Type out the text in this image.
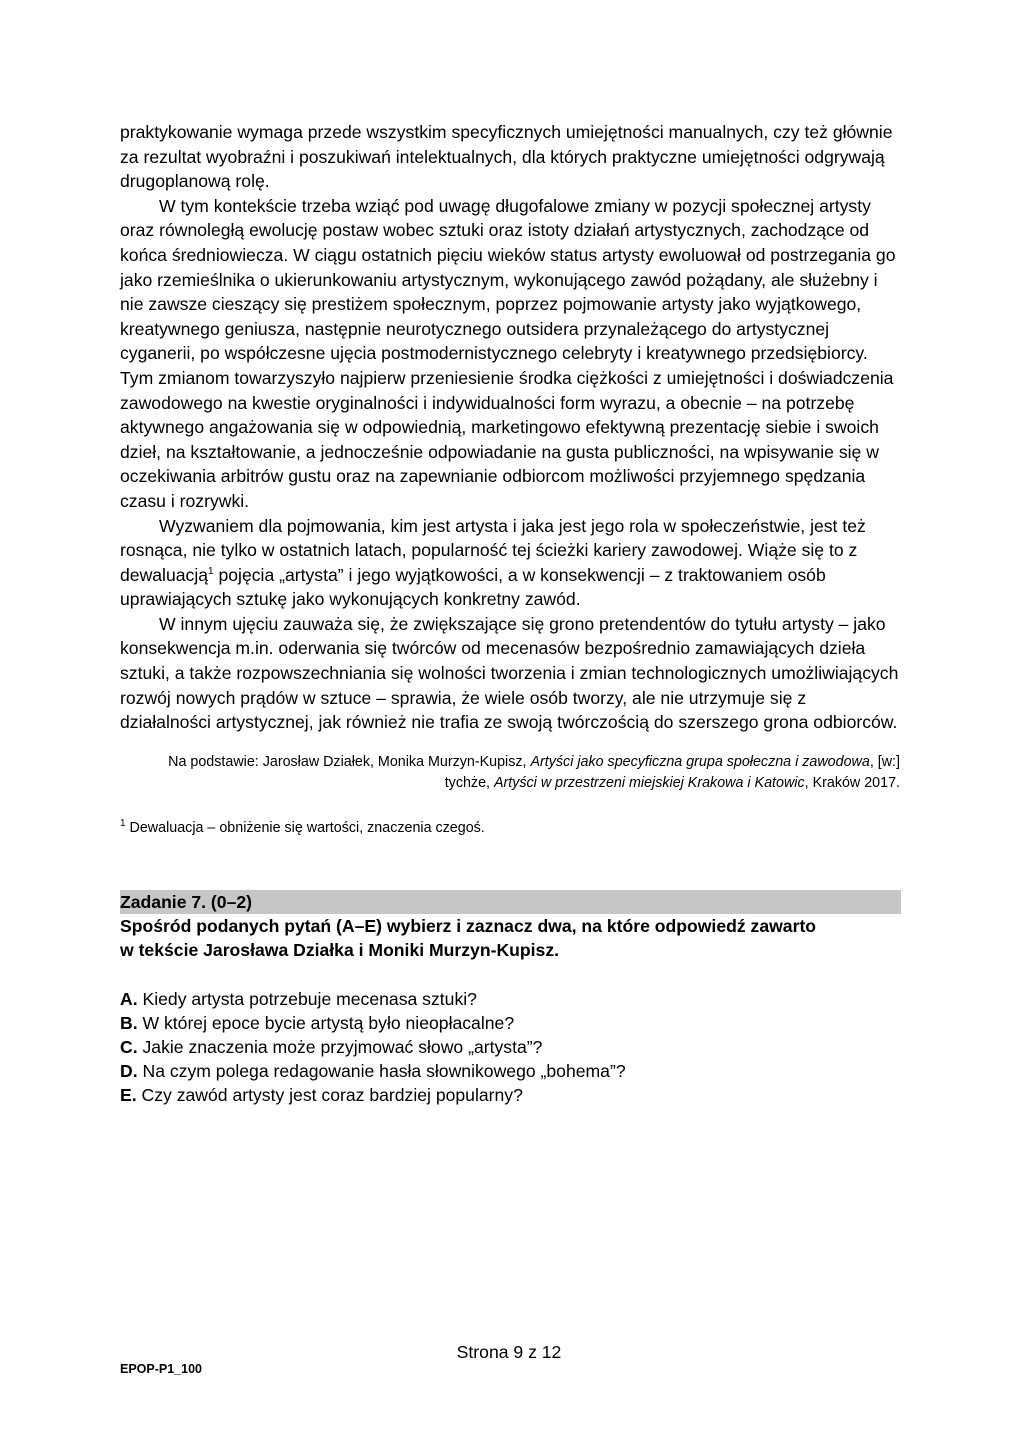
praktykowanie wymaga przede wszystkim specyficznych umiejętności manualnych, czy też głównie za rezultat wyobraźni i poszukiwań intelektualnych, dla których praktyczne umiejętności odgrywają drugoplanową rolę.

W tym kontekście trzeba wziąć pod uwagę długofalowe zmiany w pozycji społecznej artysty oraz równoległą ewolucję postaw wobec sztuki oraz istoty działań artystycznych, zachodzące od końca średniowiecza. W ciągu ostatnich pięciu wieków status artysty ewoluował od postrzegania go jako rzemieślnika o ukierunkowaniu artystycznym, wykonującego zawód pożądany, ale służebny i nie zawsze cieszący się prestiżem społecznym, poprzez pojmowanie artysty jako wyjątkowego, kreatywnego geniusza, następnie neurotycznego outsidera przynależącego do artystycznej cyganerii, po współczesne ujęcia postmodernistycznego celebryty i kreatywnego przedsiębiorcy. Tym zmianom towarzyszyło najpierw przeniesienie środka ciężkości z umiejętności i doświadczenia zawodowego na kwestie oryginalności i indywidualności form wyrazu, a obecnie – na potrzebę aktywnego angażowania się w odpowiednią, marketingowo efektywną prezentację siebie i swoich dzieł, na kształtowanie, a jednocześnie odpowiadanie na gusta publiczności, na wpisywanie się w oczekiwania arbitrów gustu oraz na zapewnianie odbiorcom możliwości przyjemnego spędzania czasu i rozrywki.

Wyzwaniem dla pojmowania, kim jest artysta i jaka jest jego rola w społeczeństwie, jest też rosnąca, nie tylko w ostatnich latach, popularność tej ścieżki kariery zawodowej. Wiąże się to z dewaluacją$^1$ pojęcia „artysta” i jego wyjątkowości, a w konsekwencji – z traktowaniem osób uprawiających sztukę jako wykonujących konkretny zawód.

W innym ujęciu zauważa się, że zwiększające się grono pretendentów do tytułu artysty – jako konsekwencja m.in. oderwania się twórców od mecenasów bezpośrednio zamawiających dzieła sztuki, a także rozpowszechniania się wolności tworzenia i zmian technologicznych umożliwiających rozwój nowych prądów w sztuce – sprawia, że wiele osób tworzy, ale nie utrzymuje się z działalności artystycznej, jak również nie trafia ze swoją twórczością do szerszego grona odbiorców.

Na podstawie: Jarosław Działek, Monika Murzyn-Kupisz, Artyści jako specyficzna grupa społeczna i zawodowa, [w:] tychże, Artyści w przestrzeni miejskiej Krakowa i Katowic, Kraków 2017.

$^1$ Dewaluacja – obniżenie się wartości, znaczenia czegoś.

Zadanie 7. (0–2)

Spośród podanych pytań (A–E) wybierz i zaznacz dwa, na które odpowiedź zawarto
w tekście Jarosława Działka i Moniki Murzyn-Kupisz.

A. Kiedy artysta potrzebuje mecenasa sztuki?
B. W której epoce bycie artystą było nieopłacalne?
C. Jakie znaczenia może przyjmować słowo „artysta”?
D. Na czym polega redagowanie hasła słownikowego „bohema”?
E. Czy zawód artysty jest coraz bardziej popularny?
Strona 9 z 12
EPOP-P1_100
